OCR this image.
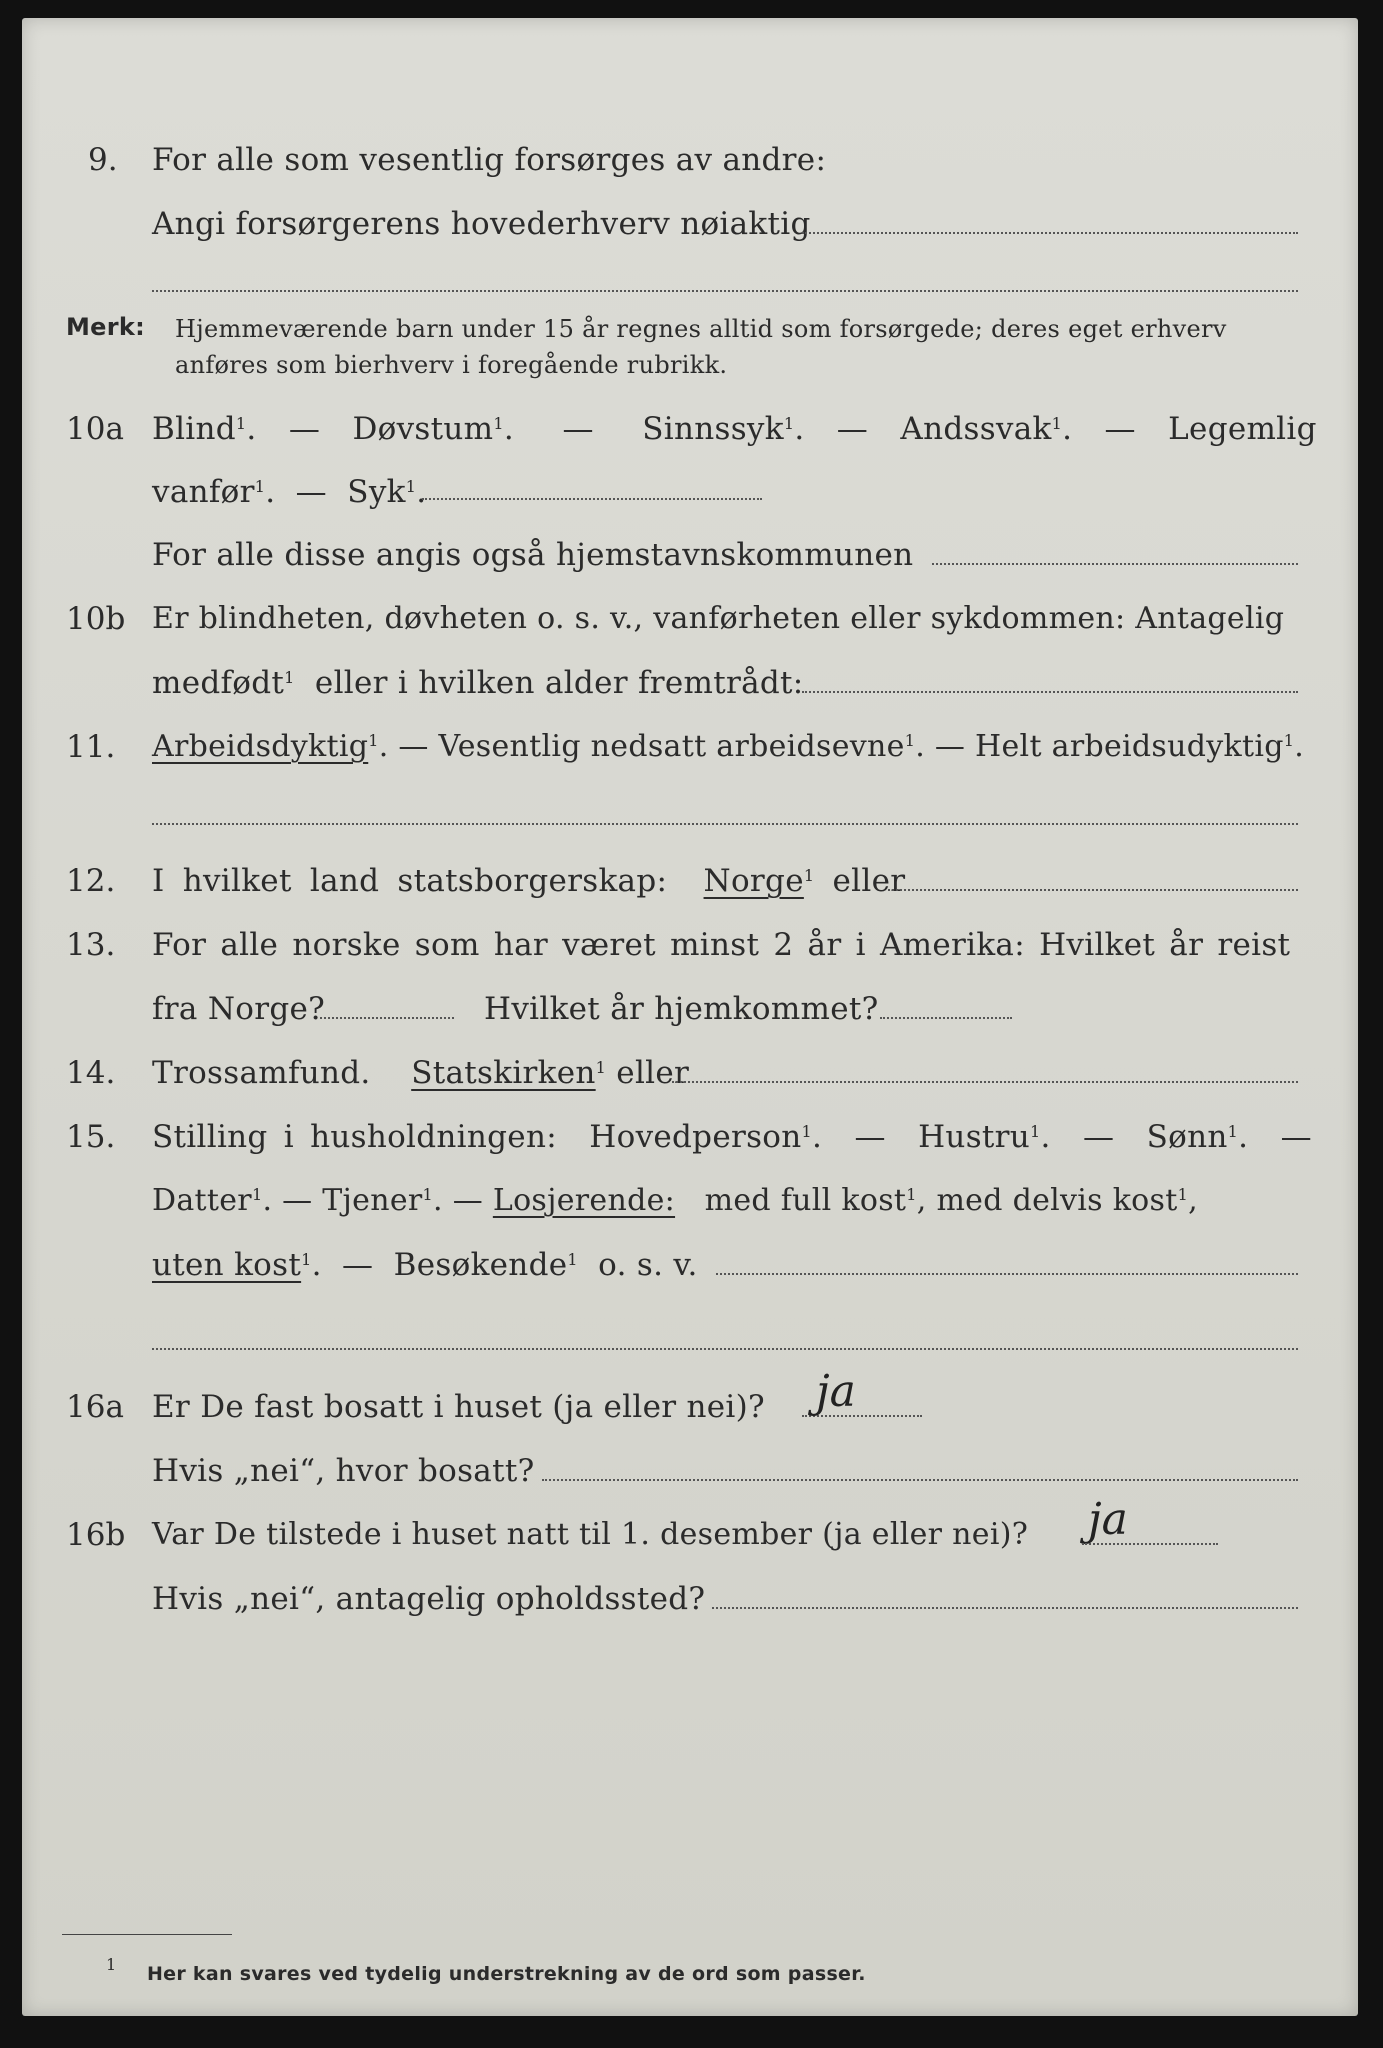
9. For alle som vesentlig forsørges av andre:
Angi forsørgerens hovederhverv nøiaktig
Merk: Hjemmeværende barn under 15 år regnes alltid som forsørgede; deres eget erhverv
anføres som bierhverv i foregående rubrikk.
10a Blind$^1$.  —  Døvstum$^1$.   —   Sinnssyk$^1$.  —  Andssvak$^1$.  —  Legemlig
vanfør$^1$.  —  Syk$^1$.
For alle disse angis også hjemstavnskommunen
10b Er blindheten, døvheten o. s. v., vanførheten eller sykdommen: Antagelig
medfødt$^1$ eller i hvilken alder fremtrådt:
11. Arbeidsdyktig$^1$. — Vesentlig nedsatt arbeidsevne$^1$. — Helt arbeidsudyktig$^1$.
12. I hvilket land statsborgerskap: Norge$^1$ eller
13. For alle norske som har været minst 2 år i Amerika: Hvilket år reist
fra Norge?	Hvilket år hjemkommet?
14. Trossamfund. Statskirken$^1$ eller
15. Stilling i husholdningen: Hovedperson$^1$.  —  Hustru$^1$.  —  Sønn$^1$.  —
Datter$^1$. — Tjener$^1$. — Losjerende: med full kost$^1$, med delvis kost$^1$,
uten kost$^1$.  —  Besøkende$^1$ o. s. v.
16a Er De fast bosatt i huset (ja eller nei)? ja
Hvis „nei“, hvor bosatt?
16b Var De tilstede i huset natt til 1. desember (ja eller nei)? ja
Hvis „nei“, antagelig opholdssted?
$^1$ Her kan svares ved tydelig understrekning av de ord som passer.
